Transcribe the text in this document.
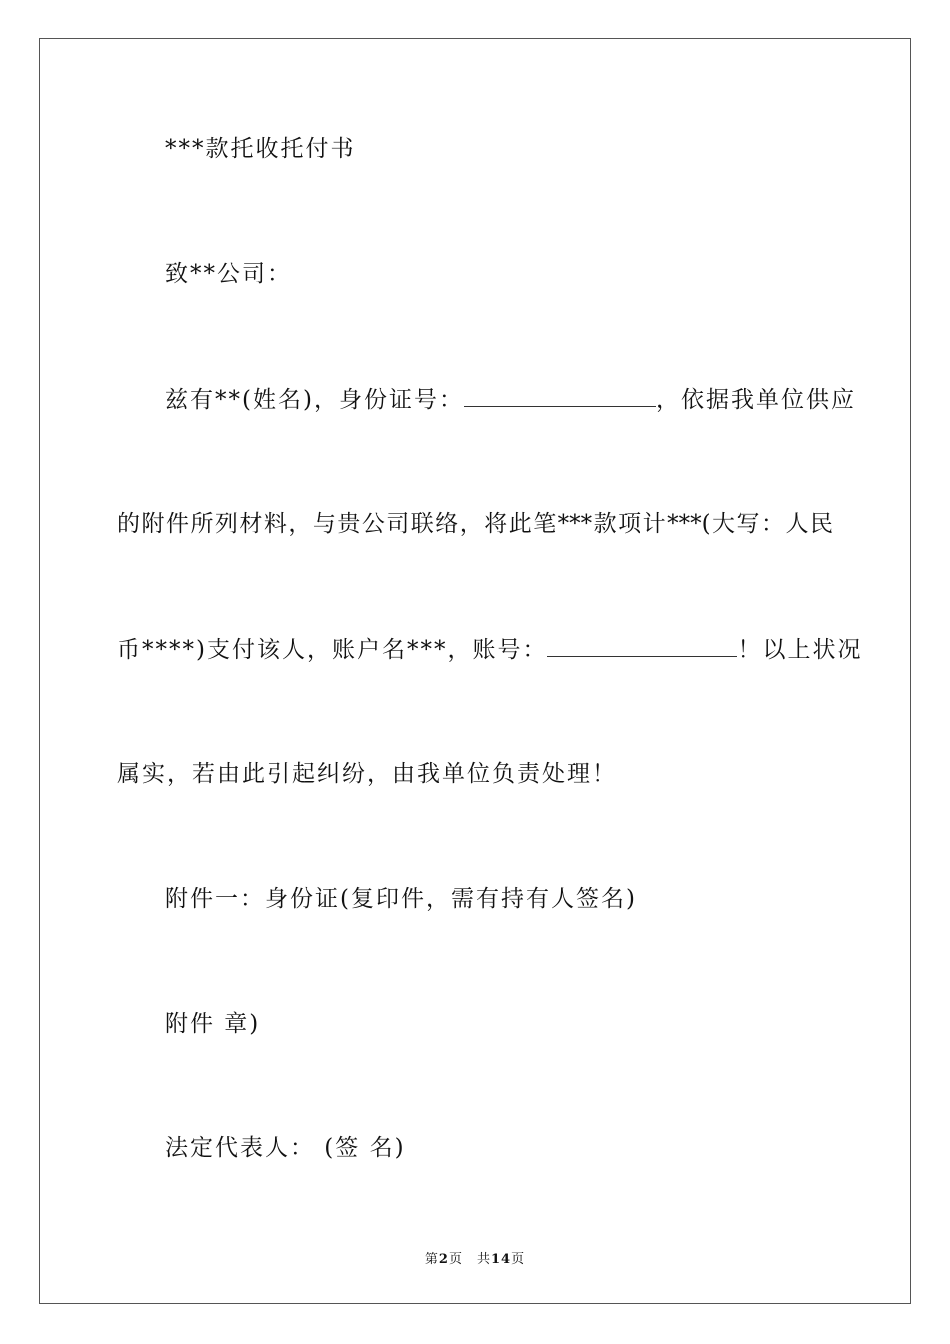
***款托收托付书
致**公司：
兹有**(姓名)，身份证号：	，依据我单位供应
的附件所列材料，与贵公司联络，将此笔***款项计***(大写：人民
币****)支付该人，账户名***，账号：	！以上状况
属实，若由此引起纠纷，由我单位负责处理！
附件一：身份证(复印件，需有持有人签名)
附件 章)
法定代表人： (签 名)
第2页 共14页
